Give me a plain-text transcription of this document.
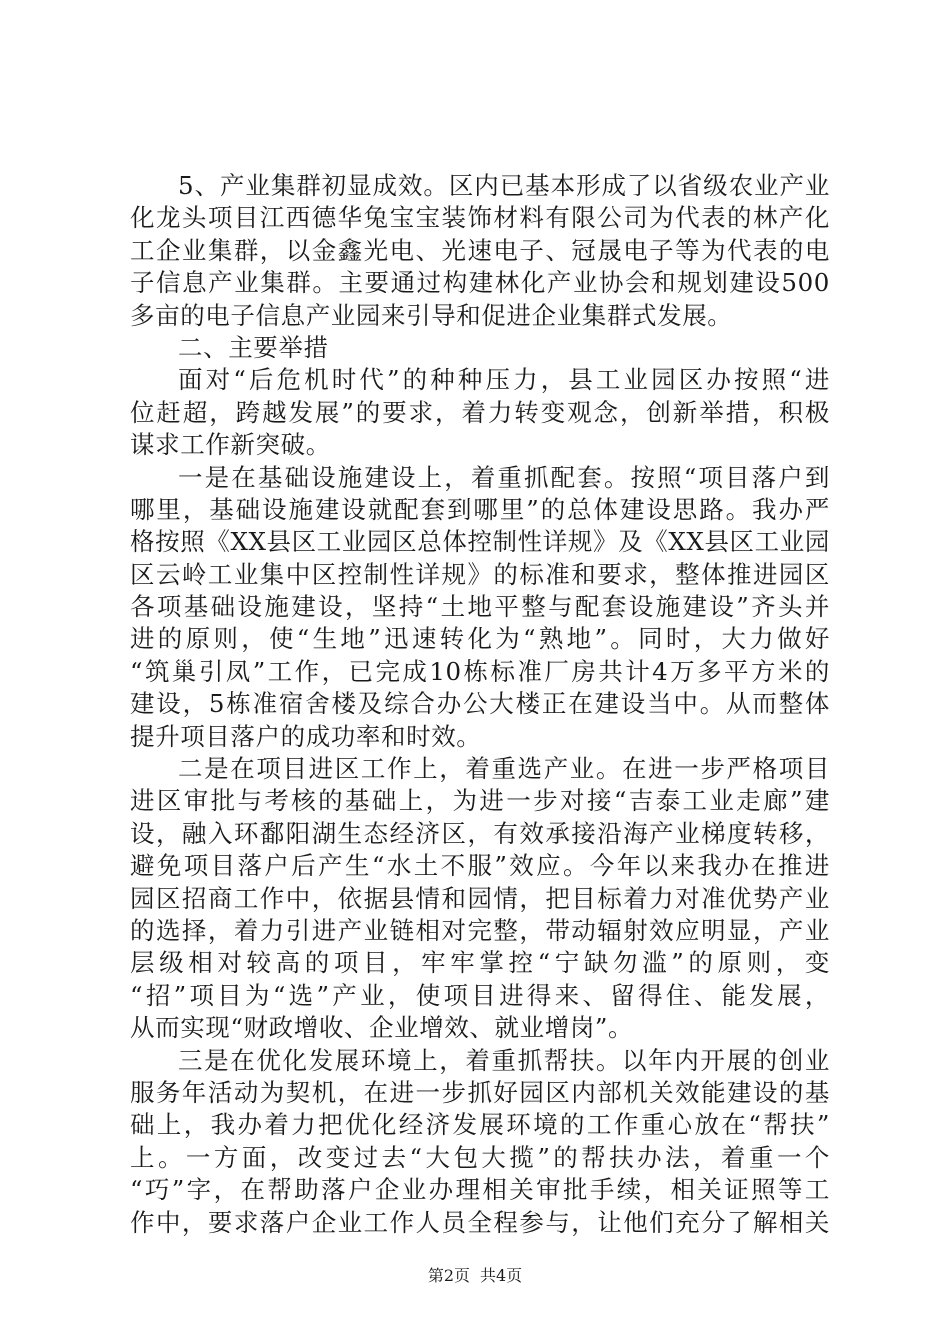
5、产业集群初显成效。区内已基本形成了以省级农业产业
化龙头项目江西德华兔宝宝装饰材料有限公司为代表的林产化
工企业集群，以金鑫光电、光速电子、冠晟电子等为代表的电
子信息产业集群。主要通过构建林化产业协会和规划建设500
多亩的电子信息产业园来引导和促进企业集群式发展。
二、主要举措
面对“后危机时代”的种种压力，县工业园区办按照“进
位赶超，跨越发展”的要求，着力转变观念，创新举措，积极
谋求工作新突破。
一是在基础设施建设上，着重抓配套。按照“项目落户到
哪里，基础设施建设就配套到哪里”的总体建设思路。我办严
格按照《XX县区工业园区总体控制性详规》及《XX县区工业园
区云岭工业集中区控制性详规》的标准和要求，整体推进园区
各项基础设施建设，坚持“土地平整与配套设施建设”齐头并
进的原则，使“生地”迅速转化为“熟地”。同时，大力做好
“筑巢引凤”工作，已完成10栋标准厂房共计4万多平方米的
建设，5栋准宿舍楼及综合办公大楼正在建设当中。从而整体
提升项目落户的成功率和时效。
二是在项目进区工作上，着重选产业。在进一步严格项目
进区审批与考核的基础上，为进一步对接“吉泰工业走廊”建
设，融入环鄱阳湖生态经济区，有效承接沿海产业梯度转移，
避免项目落户后产生“水土不服”效应。今年以来我办在推进
园区招商工作中，依据县情和园情，把目标着力对准优势产业
的选择，着力引进产业链相对完整，带动辐射效应明显，产业
层级相对较高的项目，牢牢掌控“宁缺勿滥”的原则，变
“招”项目为“选”产业，使项目进得来、留得住、能发展，
从而实现“财政增收、企业增效、就业增岗”。
三是在优化发展环境上，着重抓帮扶。以年内开展的创业
服务年活动为契机，在进一步抓好园区内部机关效能建设的基
础上，我办着力把优化经济发展环境的工作重心放在“帮扶”
上。一方面，改变过去“大包大揽”的帮扶办法，着重一个
“巧”字，在帮助落户企业办理相关审批手续，相关证照等工
作中，要求落户企业工作人员全程参与，让他们充分了解相关
第2页 共4页
